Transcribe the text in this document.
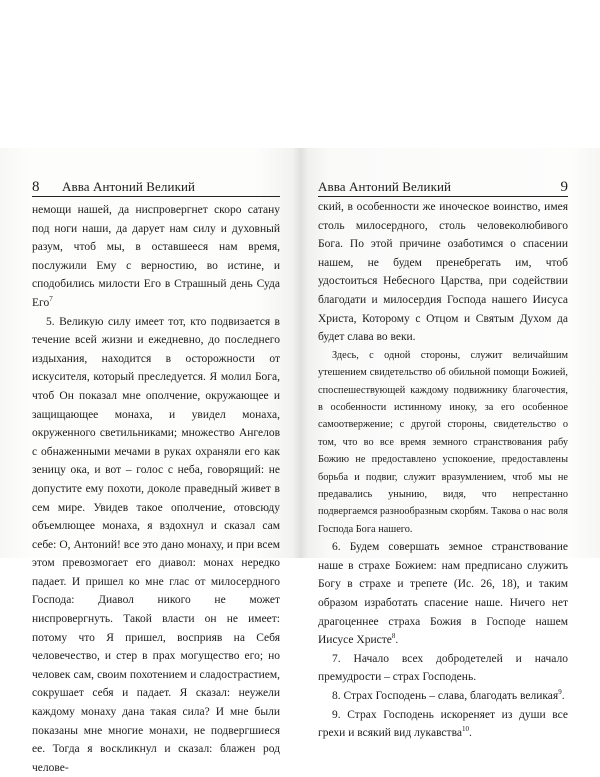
8 Авва Антоний Великий

немощи нашей, да ниспровергнет скоро сатану под ноги наши, да дарует нам силу и духовный разум, чтоб мы, в оставшееся нам время, послужили Ему с верностию, во истине, и сподобились милости Его в Страшный день Суда Его$^7$

5. Великую силу имеет тот, кто подвизается в течение всей жизни и ежедневно, до последнего издыхания, находится в осторожности от искусителя, который преследуется. Я молил Бога, чтоб Он показал мне ополчение, окружающее и защищающее монаха, и увидел монаха, окруженного светильниками; множество Ангелов с обнаженными мечами в руках охраняли его как зеницу ока, и вот – голос с неба, говорящий: не допустите ему похоти, доколе праведный живет в сем мире. Увидев такое ополчение, отовсюду объемлющее монаха, я вздохнул и сказал сам себе: О, Антоний! все это дано монаху, и при всем этом превозмогает его диавол: монах нередко падает. И пришел ко мне глас от милосердного Господа: Диавол никого не может ниспровергнуть. Такой власти он не имеет: потому что Я пришел, восприяв на Себя человечество, и стер в прах могущество его; но человек сам, своим похотением и сладострастием, сокрушает себя и падает. Я сказал: неужели каждому монаху дана такая сила? И мне были показаны мне многие монахи, не подвергшиеся ее. Тогда я воскликнул и сказал: блажен род челове-

Авва Антоний Великий	9

ский, в особенности же иноческое воинство, имея столь милосердного, столь человеколюбивого Бога. По этой причине озаботимся о спасении нашем, не будем пренебрегать им, чтоб удостоиться Небесного Царства, при содействии благодати и милосердия Господа нашего Иисуса Христа, Которому с Отцом и Святым Духом да будет слава во веки.

Здесь, с одной стороны, служит величайшим утешением свидетельство об обильной помощи Божией, споспешествующей каждому подвижнику благочестия, в особенности истинному иноку, за его особенное самоотвержение; с другой стороны, свидетельство о том, что во все время земного странствования рабу Божию не предоставлено успокоение, предоставлены борьба и подвиг, служит вразумлением, чтоб мы не предавались унынию, видя, что непрестанно подвергаемся разнообразным скорбям. Такова о нас воля Господа Бога нашего.

6. Будем совершать земное странствование наше в страхе Божием: нам предписано служить Богу в страхе и трепете (Ис. 26, 18), и таким образом изработать спасение наше. Ничего нет драгоценнее страха Божия в Господе нашем Иисусе Христе$^8$.

7. Начало всех добродетелей и начало премудрости – страх Господень.

8. Страх Господень – слава, благодать великая$^9$.

9. Страх Господень искореняет из души все грехи и всякий вид лукавства$^{10}$.
